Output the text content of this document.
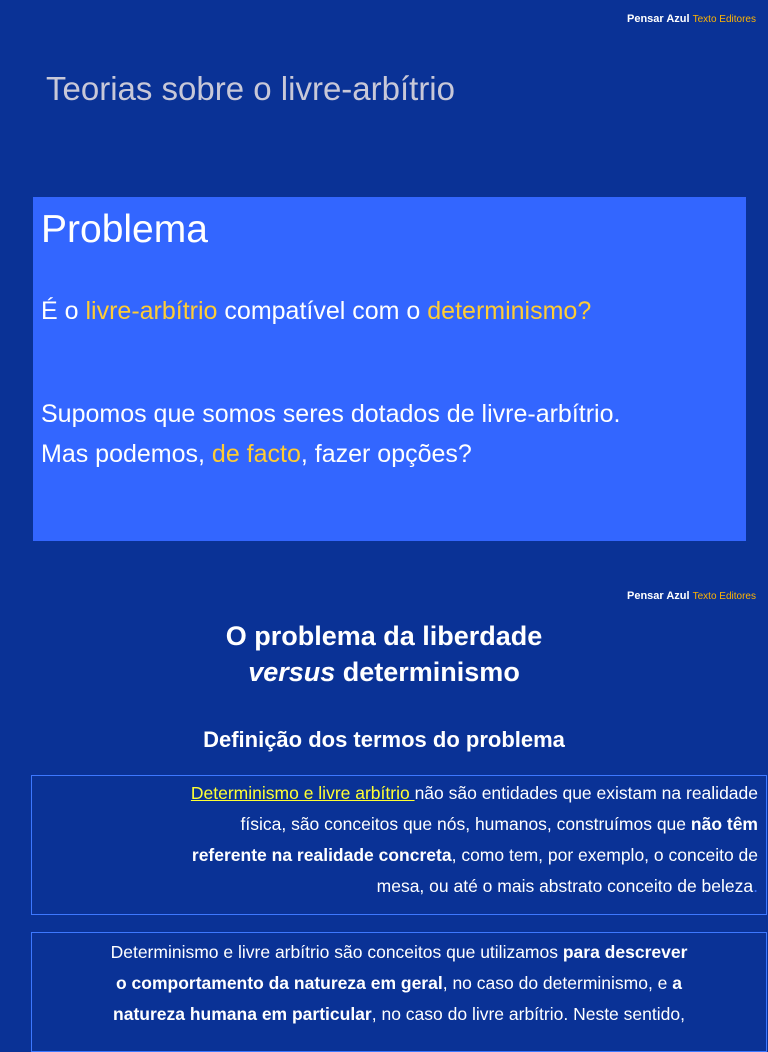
Pensar Azul Texto Editores
Teorias sobre o livre-arbítrio

Problema

É o livre-arbítrio compatível com o determinismo?

Supomos que somos seres dotados de livre-arbítrio.

Mas podemos, de facto, fazer opções?

Pensar Azul Texto Editores
O problema da liberdade
versus determinismo
Definição dos termos do problema
Determinismo e livre arbítrio não são entidades que existam na realidade
física, são conceitos que nós, humanos, construímos que não têm
referente na realidade concreta, como tem, por exemplo, o conceito de
mesa, ou até o mais abstrato conceito de beleza.
Determinismo e livre arbítrio são conceitos que utilizamos para descrever
o comportamento da natureza em geral, no caso do determinismo, e a
natureza humana em particular, no caso do livre arbítrio. Neste sentido,
